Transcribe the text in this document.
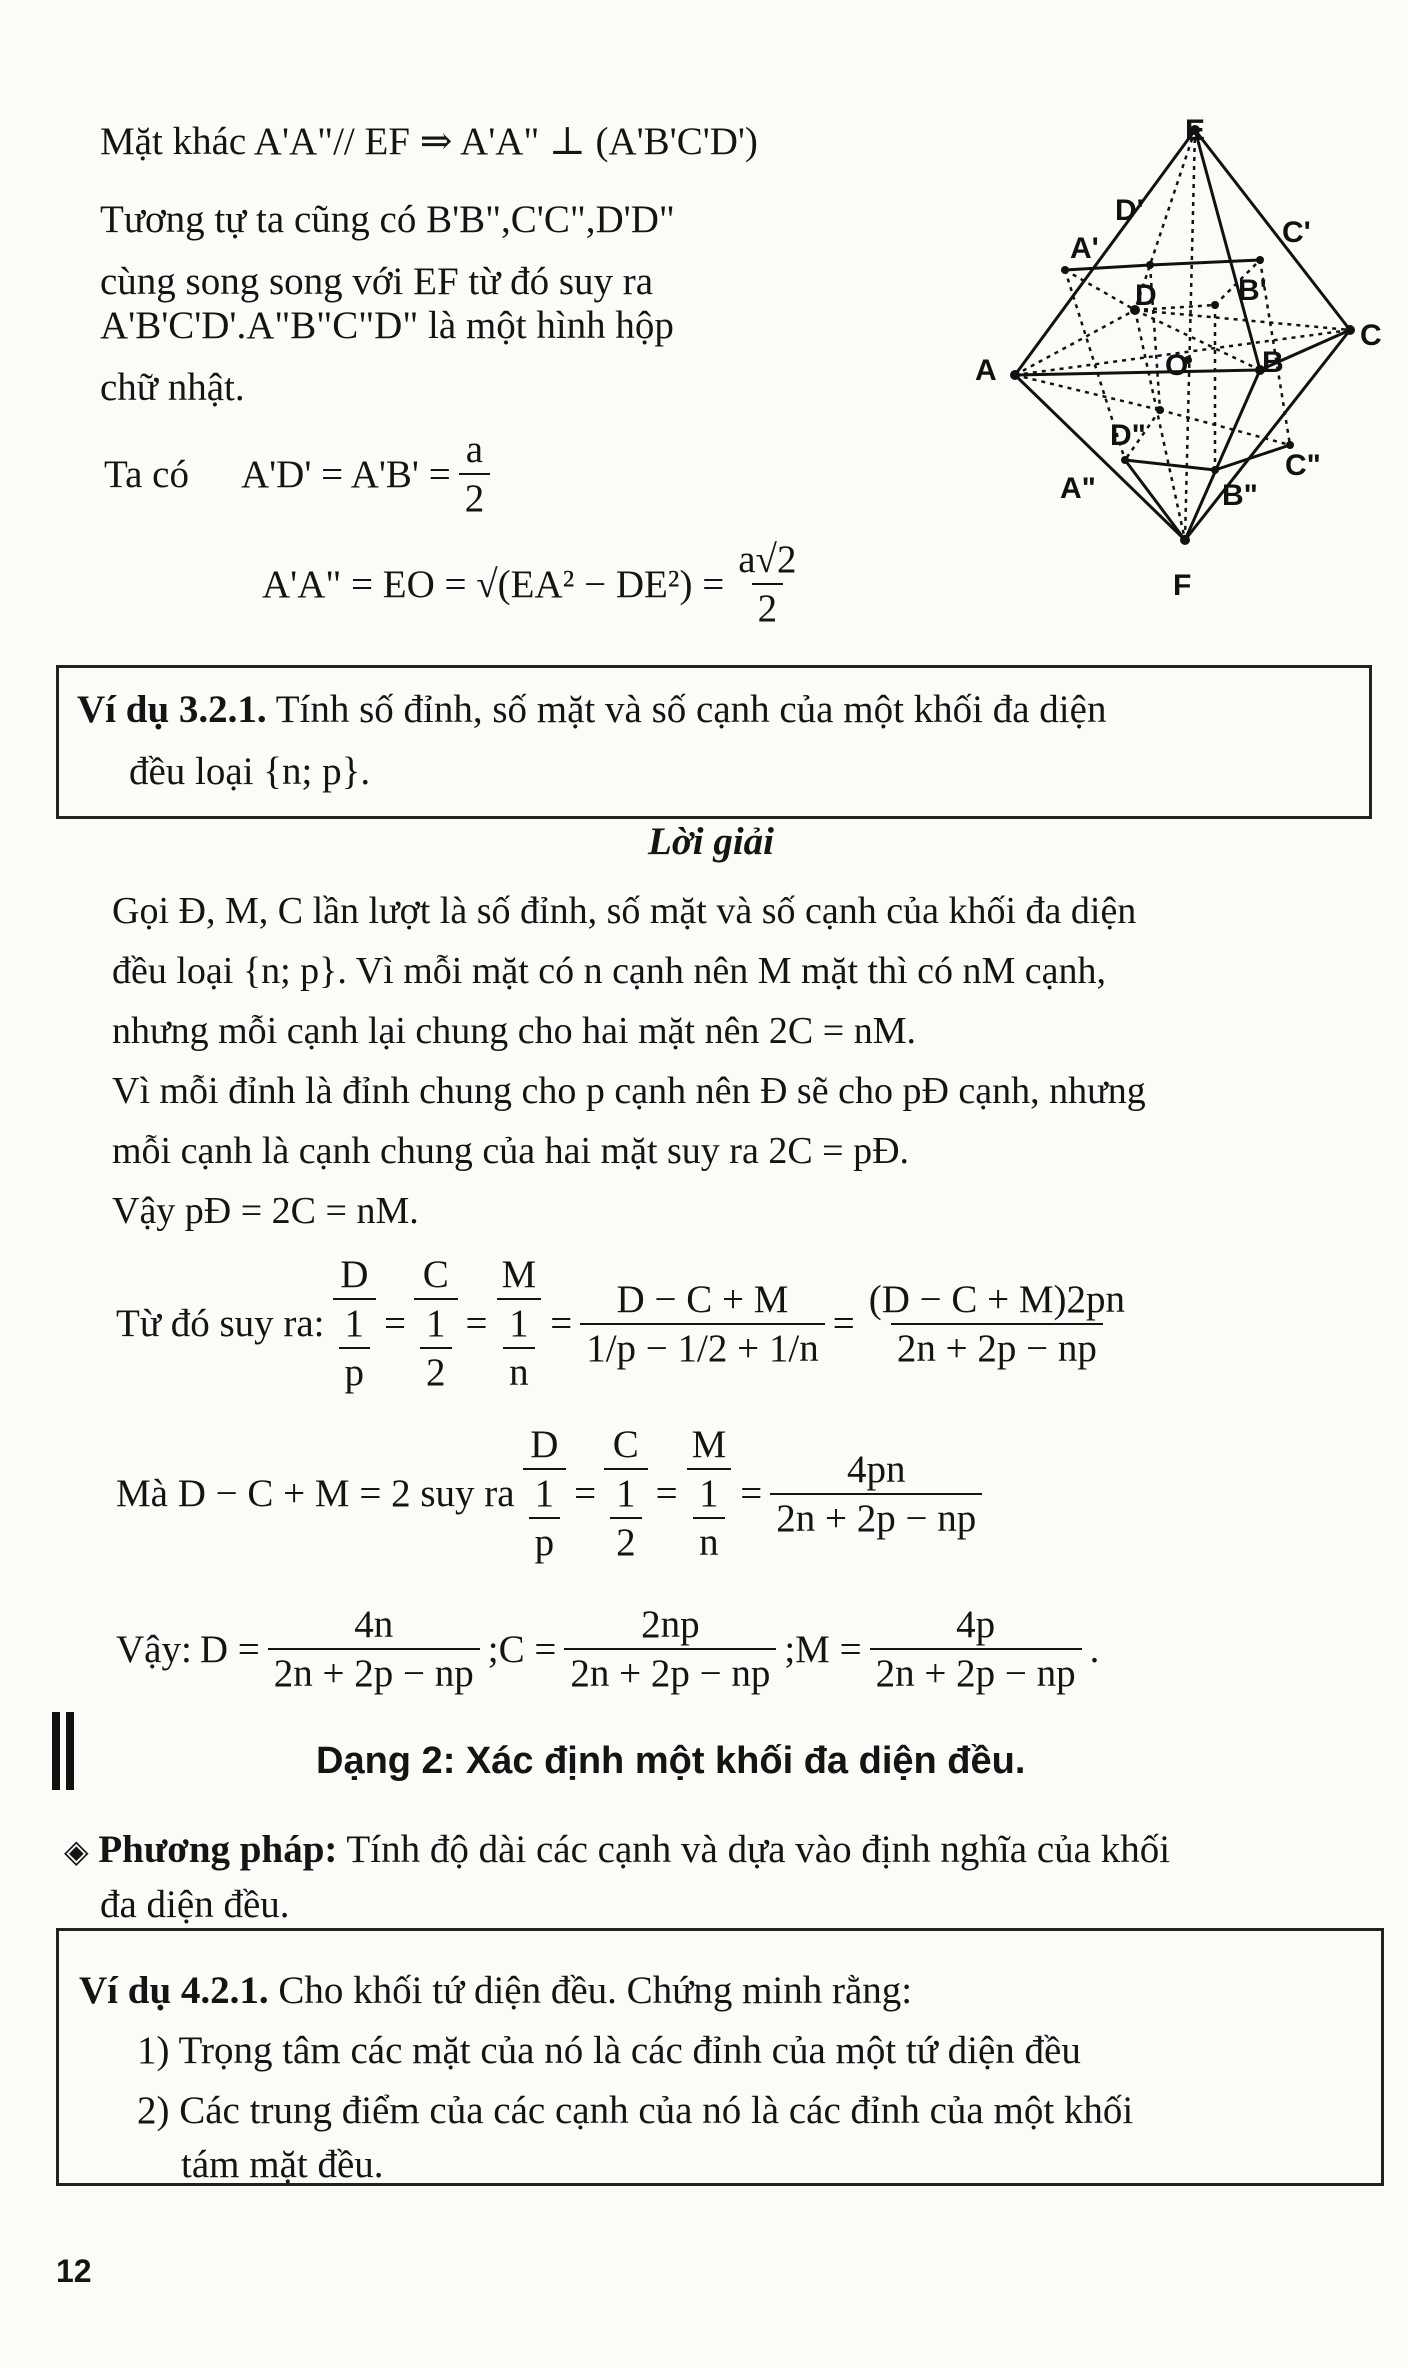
Mặt khác A'A"// EF ⇒ A'A" ⊥ (A'B'C'D')
Tương tự ta cũng có B'B",C'C",D'D"
cùng song song với EF từ đó suy ra
A'B'C'D'.A"B"C"D" là một hình hộp
chữ nhật.
Ta có $A'D' = A'B' = \frac{a}{2}$
A'A" = EO = $√(EA^2 - DE^2) = \frac{a√2}{2}$
E
D'
C'
A'
D	B'
A
C
O B
D"
A"
C"
B"
F
Ví dụ 3.2.1. Tính số đỉnh, số mặt và số cạnh của một khối đa diện
đều loại {n; p}.
Lời giải
Gọi Đ, M, C lần lượt là số đỉnh, số mặt và số cạnh của khối đa diện
đều loại {n; p}. Vì mỗi mặt có n cạnh nên M mặt thì có nM cạnh,
nhưng mỗi cạnh lại chung cho hai mặt nên 2C = nM.
Vì mỗi đỉnh là đỉnh chung cho p cạnh nên Đ sẽ cho pĐ cạnh, nhưng
mỗi cạnh là cạnh chung của hai mặt suy ra 2C = pĐ.
Vậy pĐ = 2C = nM.
Từ đó suy ra: $\frac{D}{\frac{1}{p}} = \frac{C}{\frac{1}{2}} = \frac{M}{\frac{1}{n}} = \frac{D - C + M}{1/p - 1/2 + 1/n} = \frac{(D - C + M)2pn}{2n + 2p - np}$
Mà D − C + M = 2 suy ra $\frac{D}{\frac{1}{p}} = \frac{C}{\frac{1}{2}} = \frac{M}{\frac{1}{n}} = \frac{4pn}{2n + 2p - np}$
Vậy: $D = \frac{4n}{2n + 2p - np}$ ;C = $\frac{2np}{2n + 2p - np}$ ;M = $\frac{4p}{2n + 2p - np}$ .
Dạng 2: Xác định một khối đa diện đều.
◈ Phương pháp: Tính độ dài các cạnh và dựa vào định nghĩa của khối
đa diện đều.
Ví dụ 4.2.1. Cho khối tứ diện đều. Chứng minh rằng:
1) Trọng tâm các mặt của nó là các đỉnh của một tứ diện đều
2) Các trung điểm của các cạnh của nó là các đỉnh của một khối
tám mặt đều.
12
